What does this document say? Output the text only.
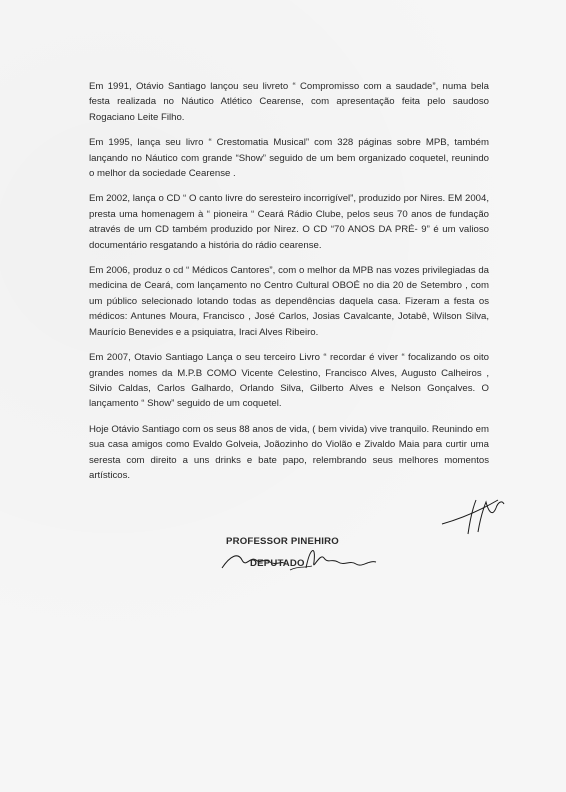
Em 1991, Otávio Santiago lançou seu livreto “ Compromisso com a saudade”, numa bela festa realizada no Náutico Atlético Cearense, com apresentação feita pelo saudoso Rogaciano Leite Filho.

Em 1995, lança seu livro “ Crestomatia Musical” com 328 páginas sobre MPB, também lançando no Náutico com grande “Show” seguido de um bem organizado coquetel, reunindo o melhor da sociedade Cearense .

Em 2002, lança o CD “ O canto livre do seresteiro incorrigível”, produzido por Nires. EM 2004, presta uma homenagem à “ pioneira “ Ceará Rádio Clube, pelos seus 70 anos de fundação através de um CD também produzido por Nirez. O CD “70 ANOS DA PRÉ- 9” é um valioso documentário resgatando a história do rádio cearense.

Em 2006, produz o cd “ Médicos Cantores”, com o melhor da MPB nas vozes privilegiadas da medicina de Ceará, com lançamento no Centro Cultural OBOÉ no dia 20 de Setembro , com um público selecionado lotando todas as dependências daquela casa. Fizeram a festa os médicos: Antunes Moura, Francisco , José Carlos, Josias Cavalcante, Jotabê, Wilson Silva, Maurício Benevides e a psiquiatra, Iraci Alves Ribeiro.

Em 2007, Otavio Santiago Lança o seu terceiro Livro “ recordar é viver “ focalizando os oito grandes nomes da M.P.B COMO Vicente Celestino, Francisco Alves, Augusto Calheiros , Silvio Caldas, Carlos Galhardo, Orlando Silva, Gilberto Alves e Nelson Gonçalves. O lançamento “ Show” seguido de um coquetel.

Hoje Otávio Santiago com os seus 88 anos de vida, ( bem vivida) vive tranquilo. Reunindo em sua casa amigos como Evaldo Golveia, Joãozinho do Violão e Zivaldo Maia para curtir uma seresta com direito a uns drinks e bate papo, relembrando seus melhores momentos artísticos.

PROFESSOR PINEHIRO
DEPUTADO
